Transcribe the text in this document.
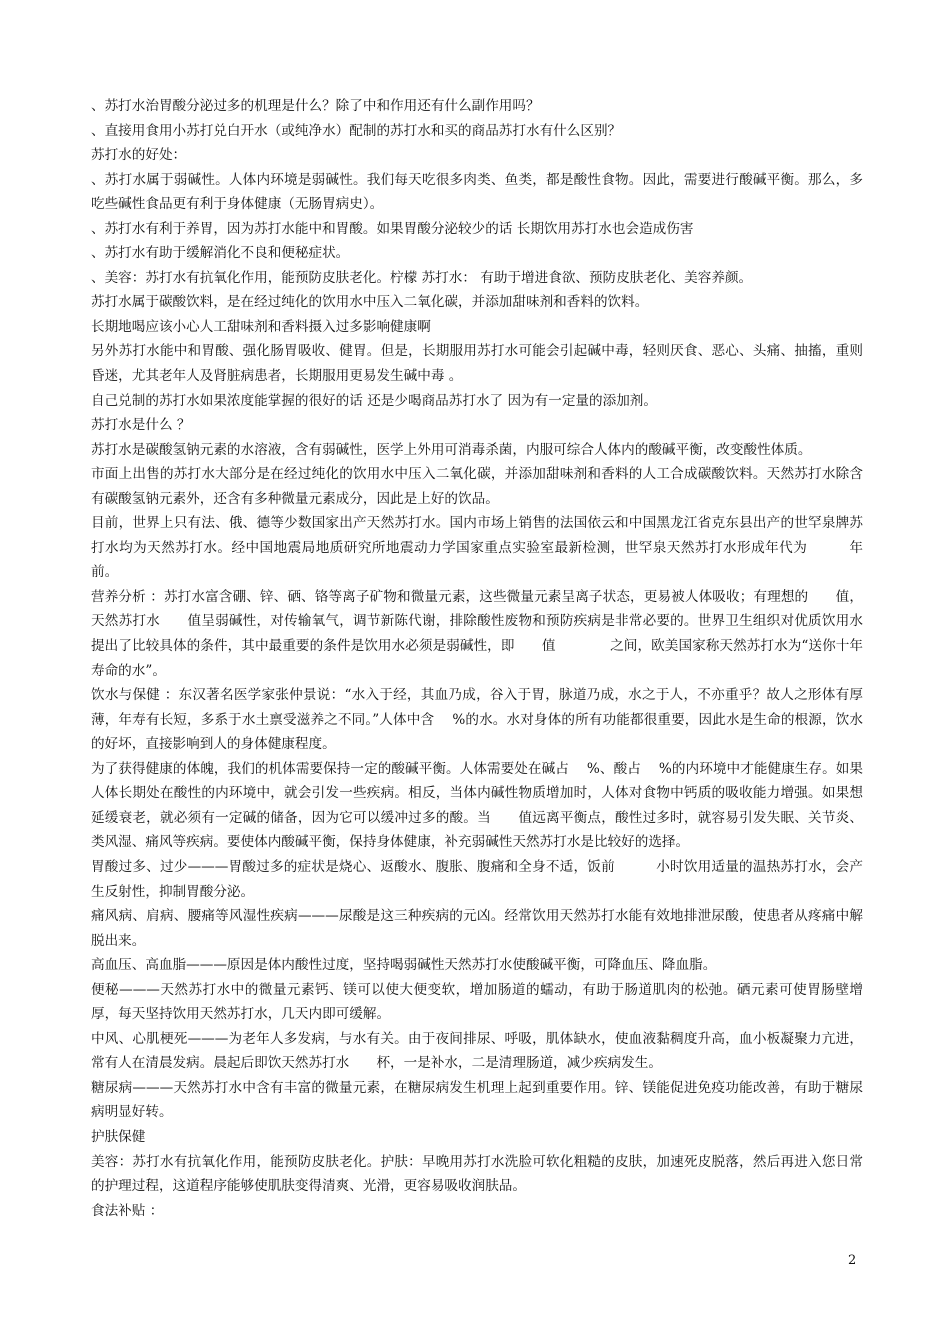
、苏打水治胃酸分泌过多的机理是什么？除了中和作用还有什么副作用吗？

、直接用食用小苏打兑白开水（或纯净水）配制的苏打水和买的商品苏打水有什么区别？

苏打水的好处：

、苏打水属于弱碱性。人体内环境是弱碱性。我们每天吃很多肉类、鱼类，都是酸性食物。因此，需要进行酸碱平衡。那么，多吃些碱性食品更有利于身体健康（无肠胃病史）。

、苏打水有利于养胃，因为苏打水能中和胃酸。如果胃酸分泌较少的话 长期饮用苏打水也会造成伤害

、苏打水有助于缓解消化不良和便秘症状。

、美容：苏打水有抗氧化作用，能预防皮肤老化。柠檬 苏打水： 有助于增进食欲、预防皮肤老化、美容养颜。

苏打水属于碳酸饮料，是在经过纯化的饮用水中压入二氧化碳，并添加甜味剂和香料的饮料。

长期地喝应该小心人工甜味剂和香料摄入过多影响健康啊

另外苏打水能中和胃酸、强化肠胃吸收、健胃。但是，长期服用苏打水可能会引起碱中毒，轻则厌食、恶心、头痛、抽搐，重则昏迷，尤其老年人及肾脏病患者，长期服用更易发生碱中毒 。

自己兑制的苏打水如果浓度能掌握的很好的话 还是少喝商品苏打水了 因为有一定量的添加剂。

苏打水是什么 ？

苏打水是碳酸氢钠元素的水溶液，含有弱碱性，医学上外用可消毒杀菌，内服可综合人体内的酸碱平衡，改变酸性体质。

市面上出售的苏打水大部分是在经过纯化的饮用水中压入二氧化碳，并添加甜味剂和香料的人工合成碳酸饮料。天然苏打水除含有碳酸氢钠元素外，还含有多种微量元素成分，因此是上好的饮品。

目前，世界上只有法、俄、德等少数国家出产天然苏打水。国内市场上销售的法国依云和中国黑龙江省克东县出产的世罕泉牌苏打水均为天然苏打水。经中国地震局地质研究所地震动力学国家重点实验室最新检测，世罕泉天然苏打水形成年代为　　　年前。

营养分析 ：苏打水富含硼、锌、硒、铬等离子矿物和微量元素，这些微量元素呈离子状态，更易被人体吸收；有理想的　　值，天然苏打水　　值呈弱碱性，对传输氧气，调节新陈代谢，排除酸性废物和预防疾病是非常必要的。世界卫生组织对优质饮用水提出了比较具体的条件，其中最重要的条件是饮用水必须是弱碱性，即　　值　　　　之间，欧美国家称天然苏打水为“送你十年寿命的水”。

饮水与保健 ：东汉著名医学家张仲景说：“水入于经，其血乃成，谷入于胃，脉道乃成，水之于人，不亦重乎？故人之形体有厚薄，年寿有长短，多系于水土禀受滋养之不同。”人体中含　 %的水。水对身体的所有功能都很重要，因此水是生命的根源，饮水的好坏，直接影响到人的身体健康程度。

为了获得健康的体魄，我们的机体需要保持一定的酸碱平衡。人体需要处在碱占　 %、酸占　 %的内环境中才能健康生存。如果人体长期处在酸性的内环境中，就会引发一些疾病。相反，当体内碱性物质增加时，人体对食物中钙质的吸收能力增强。如果想延缓衰老，就必须有一定碱的储备，因为它可以缓冲过多的酸。当　　值远离平衡点，酸性过多时，就容易引发失眠、关节炎、类风湿、痛风等疾病。要使体内酸碱平衡，保持身体健康，补充弱碱性天然苏打水是比较好的选择。

胃酸过多、过少———胃酸过多的症状是烧心、返酸水、腹胀、腹痛和全身不适，饭前　　　小时饮用适量的温热苏打水，会产生反射性，抑制胃酸分泌。

痛风病、肩病、腰痛等风湿性疾病———尿酸是这三种疾病的元凶。经常饮用天然苏打水能有效地排泄尿酸，使患者从疼痛中解脱出来。

高血压、高血脂———原因是体内酸性过度，坚持喝弱碱性天然苏打水使酸碱平衡，可降血压、降血脂。

便秘———天然苏打水中的微量元素钙、镁可以使大便变软，增加肠道的蠕动，有助于肠道肌肉的松弛。硒元素可使胃肠壁增厚，每天坚持饮用天然苏打水，几天内即可缓解。

中风、心肌梗死———为老年人多发病，与水有关。由于夜间排尿、呼吸，肌体缺水，使血液黏稠度升高，血小板凝聚力亢进，常有人在清晨发病。晨起后即饮天然苏打水　　杯，一是补水，二是清理肠道，减少疾病发生。

糖尿病———天然苏打水中含有丰富的微量元素，在糖尿病发生机理上起到重要作用。锌、镁能促进免疫功能改善，有助于糖尿病明显好转。

护肤保健

美容：苏打水有抗氧化作用，能预防皮肤老化。护肤：早晚用苏打水洗脸可软化粗糙的皮肤，加速死皮脱落，然后再进入您日常的护理过程，这道程序能够使肌肤变得清爽、光滑，更容易吸收润肤品。

食法补贴 ：

2
